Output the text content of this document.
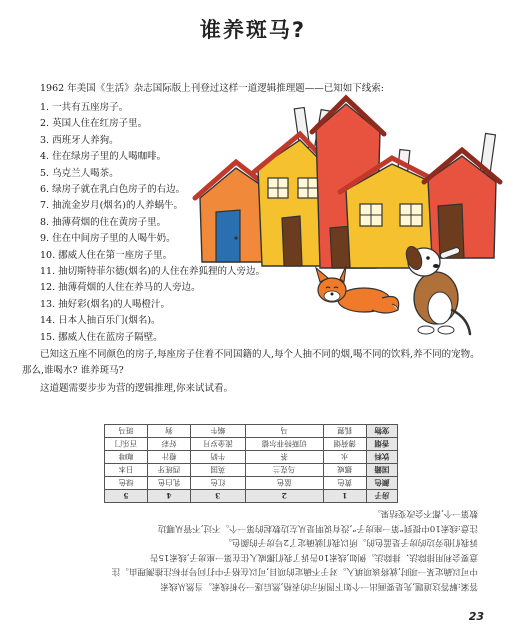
谁养斑马?
1962 年美国《生活》杂志国际版上刊登过这样一道逻辑推理题——已知如下线索:
1. 一共有五座房子。
2. 英国人住在红房子里。
3. 西班牙人养狗。
4. 住在绿房子里的人喝咖啡。
5. 乌克兰人喝茶。
6. 绿房子就在乳白色房子的右边。
7. 抽流金岁月(烟名)的人养蜗牛。
8. 抽薄荷烟的住在黄房子里。
9. 住在中间房子里的人喝牛奶。
10. 挪威人住在第一座房子里。
11. 抽切斯特菲尔德(烟名)的人住在养狐狸的人旁边。
12. 抽薄荷烟的人住在养马的人旁边。
13. 抽好彩(烟名)的人喝橙汁。
14. 日本人抽百乐门(烟名)。
15. 挪威人住在蓝房子隔壁。
已知这五座不同颜色的房子,每座房子住着不同国籍的人,每个人抽不同的烟,喝不同的饮料,养不同的宠物。那么,谁喝水? 谁养斑马?
这道题需要步步为营的逻辑推理,你来试试看。

答案:解答这道题,先是要画出一个如下图所示的表格,然后逐一分析线索。当然从线索

中可以确定某一项时,就将该项填入。对于不确定的项目,可以在格子中打问号并标注推测理由。注

意要会利用排除法、排除法。例如,线索10告诉了我们挪威人住在第一座房子,线索15告

诉我们他旁边的房子是蓝色的。所以我们就确定了2号房子的颜色。

注意:线索10中提到“第一座房子”,没有说明是从左边数起的第一个。不过,不管从哪边

数第一个,都不会改变结果。

房子	1	2	3	4	5
颜色	黄色	蓝色	红色	乳白色	绿色
国籍	挪威	乌克兰	英国	西班牙	日本
饮料	水	茶	牛奶	橙汁	咖啡
香烟	薄荷烟	切斯特菲尔德	流金岁月	好彩	百乐门
宠物	狐狸	马	蜗牛	狗	斑马
23
